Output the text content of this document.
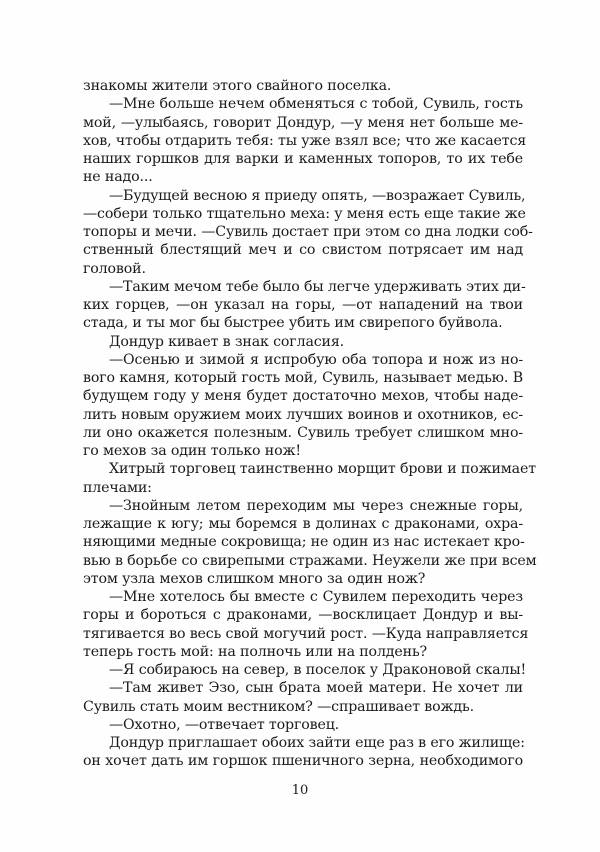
знакомы жители этого свайного поселка.
—Мне больше нечем обменяться с тобой, Сувиль, гость
мой, —улыбаясь, говорит Дондур, —у меня нет больше ме-
хов, чтобы отдарить тебя: ты уже взял все; что же касается
наших горшков для варки и каменных топоров, то их тебе
не надо...
—Будущей весною я приеду опять, —возражает Сувиль,
—собери только тщательно меха: у меня есть еще такие же
топоры и мечи. —Сувиль достает при этом со дна лодки соб-
ственный блестящий меч и со свистом потрясает им над
головой.
—Таким мечом тебе было бы легче удерживать этих ди-
ких горцев, —он указал на горы, —от нападений на твои
стада, и ты мог бы быстрее убить им свирепого буйвола.
Дондур кивает в знак согласия.
—Осенью и зимой я испробую оба топора и нож из но-
вого камня, который гость мой, Сувиль, называет медью. В
будущем году у меня будет достаточно мехов, чтобы наде-
лить новым оружием моих лучших воинов и охотников, ес-
ли оно окажется полезным. Сувиль требует слишком мно-
го мехов за один только нож!
Хитрый торговец таинственно морщит брови и пожимает
плечами:
—Знойным летом переходим мы через снежные горы,
лежащие к югу; мы боремся в долинах с драконами, охра-
няющими медные сокровища; не один из нас истекает кро-
вью в борьбе со свирепыми стражами. Неужели же при всем
этом узла мехов слишком много за один нож?
—Мне хотелось бы вместе с Сувилем переходить через
горы и бороться с драконами, —восклицает Дондур и вы-
тягивается во весь свой могучий рост. —Куда направляется
теперь гость мой: на полночь или на полдень?
—Я собираюсь на север, в поселок у Драконовой скалы!
—Там живет Эзо, сын брата моей матери. Не хочет ли
Сувиль стать моим вестником? —спрашивает вождь.
—Охотно, —отвечает торговец.
Дондур приглашает обоих зайти еще раз в его жилище:
он хочет дать им горшок пшеничного зерна, необходимого
10
